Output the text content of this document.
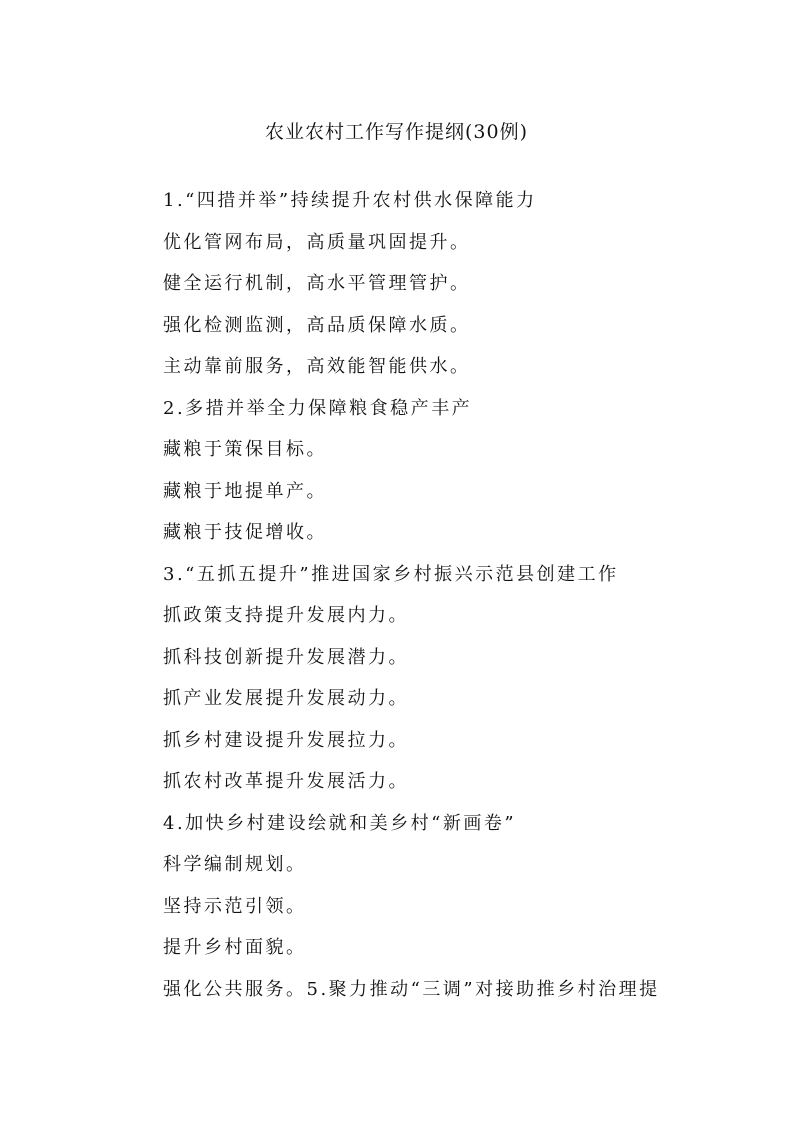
农业农村工作写作提纲(30例)
1.“四措并举”持续提升农村供水保障能力
优化管网布局，高质量巩固提升。
健全运行机制，高水平管理管护。
强化检测监测，高品质保障水质。
主动靠前服务，高效能智能供水。
2.多措并举全力保障粮食稳产丰产
藏粮于策保目标。
藏粮于地提单产。
藏粮于技促增收。
3.“五抓五提升”推进国家乡村振兴示范县创建工作
抓政策支持提升发展内力。
抓科技创新提升发展潜力。
抓产业发展提升发展动力。
抓乡村建设提升发展拉力。
抓农村改革提升发展活力。
4.加快乡村建设绘就和美乡村“新画卷”
科学编制规划。
坚持示范引领。
提升乡村面貌。
强化公共服务。5.聚力推动“三调”对接助推乡村治理提
